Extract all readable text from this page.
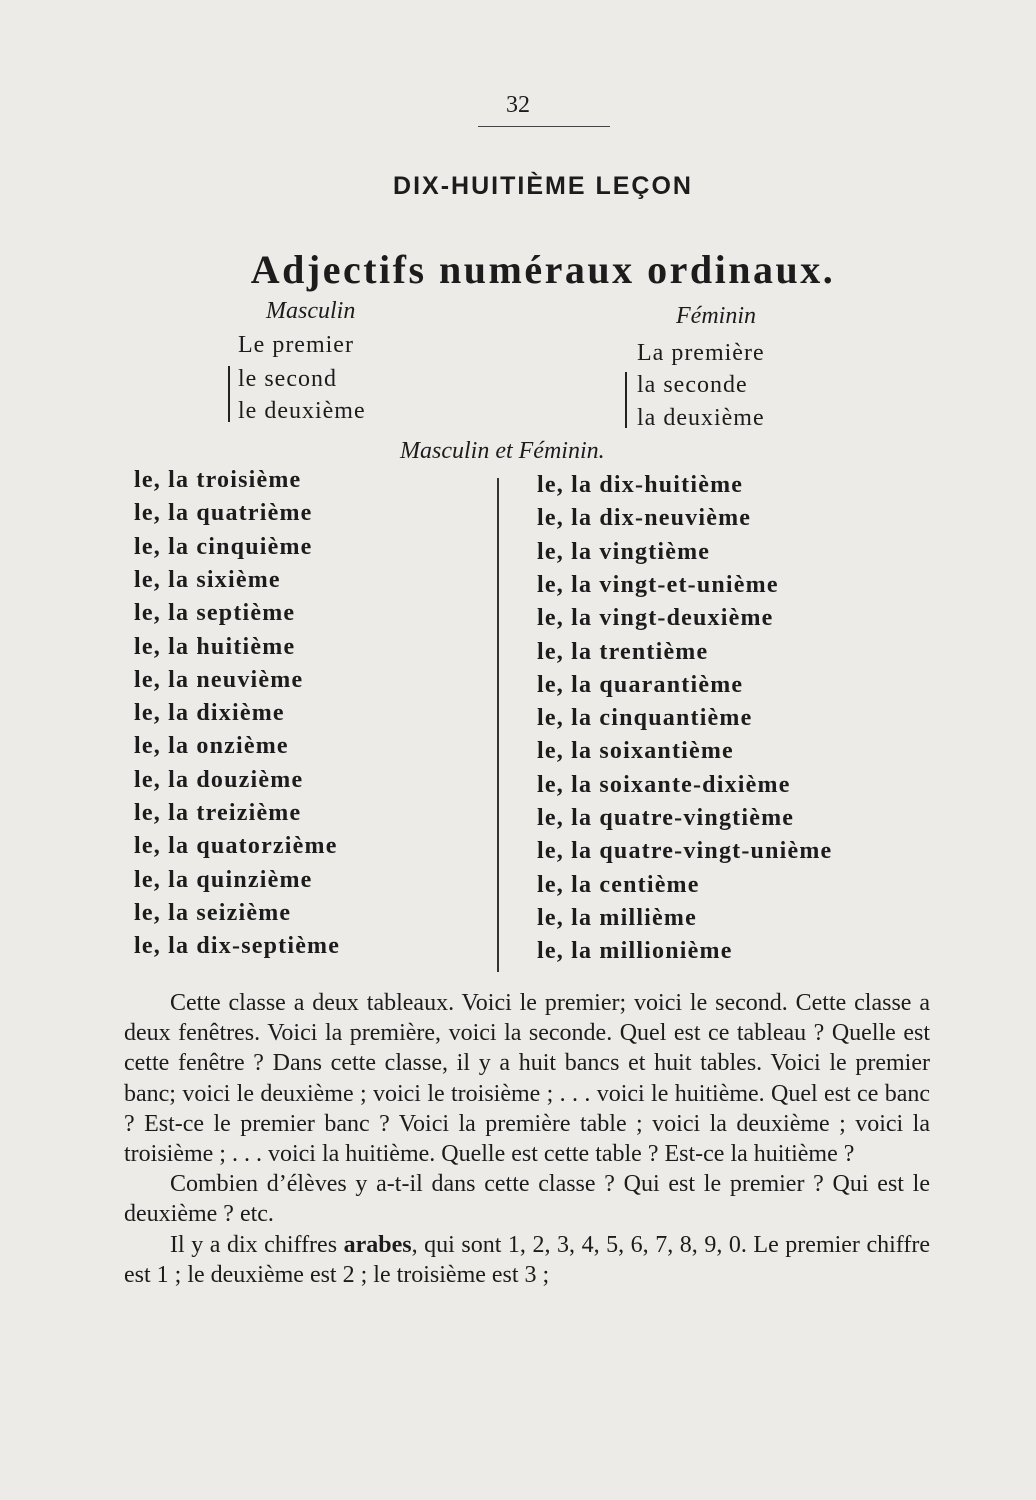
32
DIX-HUITIÈME LEÇON
Adjectifs numéraux ordinaux.
Masculin	Féminin
Le premier
le second
le deuxième
La première
la seconde
la deuxième
Masculin et Féminin.
le, la troisième
le, la quatrième
le, la cinquième
le, la sixième
le, la septième
le, la huitième
le, la neuvième
le, la dixième
le, la onzième
le, la douzième
le, la treizième
le, la quatorzième
le, la quinzième
le, la seizième
le, la dix-septième
le, la dix-huitième
le, la dix-neuvième
le, la vingtième
le, la vingt-et-unième
le, la vingt-deuxième
le, la trentième
le, la quarantième
le, la cinquantième
le, la soixantième
le, la soixante-dixième
le, la quatre-vingtième
le, la quatre-vingt-unième
le, la centième
le, la millième
le, la millionième

Cette classe a deux tableaux. Voici le premier; voici le second. Cette classe a deux fenêtres. Voici la première, voici la seconde. Quel est ce tableau ? Quelle est cette fenêtre ? Dans cette classe, il y a huit bancs et huit tables. Voici le premier banc; voici le deuxième ; voici le troisième ; . . . voici le huitième. Quel est ce banc ? Est-ce le premier banc ? Voici la première table ; voici la deuxième ; voici la troisième ; . . . voici la huitième. Quelle est cette table ? Est-ce la huitième ?

Combien d’élèves y a-t-il dans cette classe ? Qui est le premier ? Qui est le deuxième ? etc.

Il y a dix chiffres arabes, qui sont 1, 2, 3, 4, 5, 6, 7, 8, 9, 0. Le premier chiffre est 1 ; le deuxième est 2 ; le troisième est 3 ;
